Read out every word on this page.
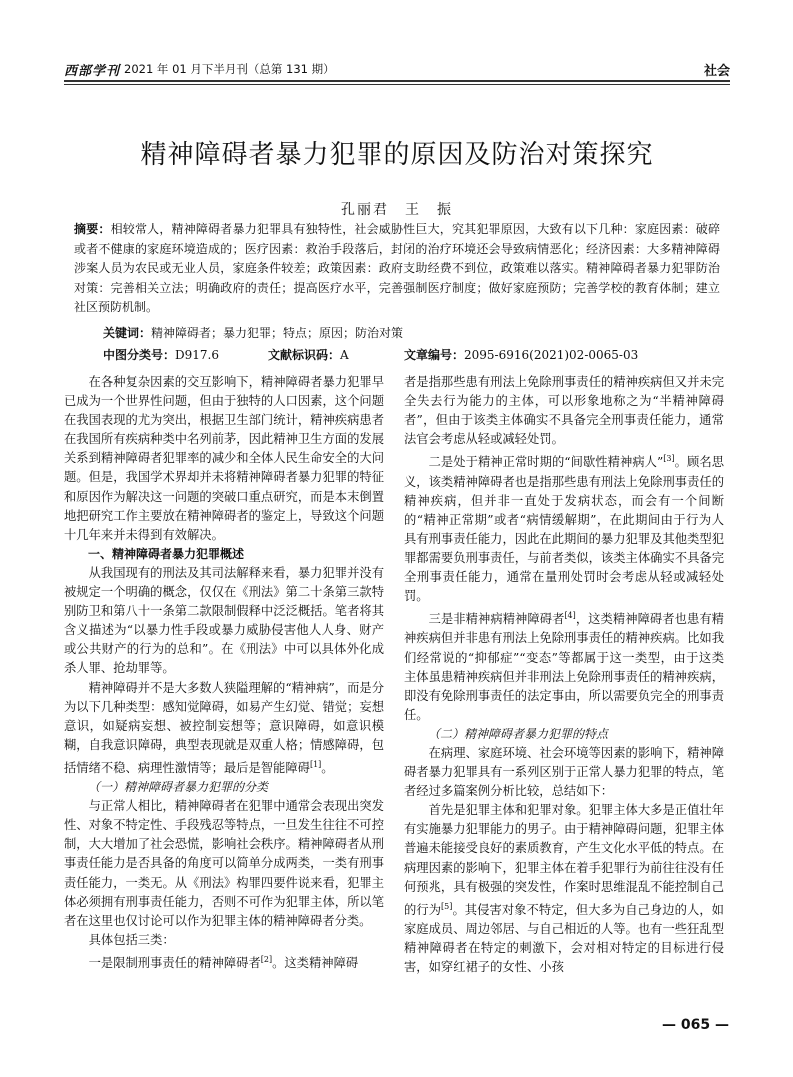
西部学刊 2021 年 01 月下半月刊（总第 131 期）	社会
精神障碍者暴力犯罪的原因及防治对策探究
孔丽君　王　振
摘要：相较常人，精神障碍者暴力犯罪具有独特性，社会威胁性巨大，究其犯罪原因，大致有以下几种：家庭因素：破碎或者不健康的家庭环境造成的；医疗因素：救治手段落后，封闭的治疗环境还会导致病情恶化；经济因素：大多精神障碍涉案人员为农民或无业人员，家庭条件较差；政策因素：政府支助经费不到位，政策难以落实。精神障碍者暴力犯罪防治对策：完善相关立法；明确政府的责任；提高医疗水平，完善强制医疗制度；做好家庭预防；完善学校的教育体制；建立社区预防机制。
关键词：精神障碍者；暴力犯罪；特点；原因；防治对策
中图分类号：D917.6	文献标识码：A	文章编号：2095-6916(2021)02-0065-03

在各种复杂因素的交互影响下，精神障碍者暴力犯罪早已成为一个世界性问题，但由于独特的人口因素，这个问题在我国表现的尤为突出，根据卫生部门统计，精神疾病患者在我国所有疾病种类中名列前茅，因此精神卫生方面的发展关系到精神障碍者犯罪率的减少和全体人民生命安全的大问题。但是，我国学术界却并未将精神障碍者暴力犯罪的特征和原因作为解决这一问题的突破口重点研究，而是本末倒置地把研究工作主要放在精神障碍者的鉴定上，导致这个问题十几年来并未得到有效解决。

一、精神障碍者暴力犯罪概述

从我国现有的刑法及其司法解释来看，暴力犯罪并没有被规定一个明确的概念，仅仅在《刑法》第二十条第三款特别防卫和第八十一条第二款限制假释中泛泛概括。笔者将其含义描述为“以暴力性手段或暴力威胁侵害他人人身、财产或公共财产的行为的总和”。在《刑法》中可以具体外化成杀人罪、抢劫罪等。

精神障碍并不是大多数人狭隘理解的“精神病”，而是分为以下几种类型：感知觉障碍，如易产生幻觉、错觉；妄想意识，如疑病妄想、被控制妄想等；意识障碍，如意识模糊，自我意识障碍，典型表现就是双重人格；情感障碍，包括情绪不稳、病理性激情等；最后是智能障碍[1]。

（一）精神障碍者暴力犯罪的分类

与正常人相比，精神障碍者在犯罪中通常会表现出突发性、对象不特定性、手段残忍等特点，一旦发生往往不可控制，大大增加了社会恐慌，影响社会秩序。精神障碍者从刑事责任能力是否具备的角度可以简单分成两类，一类有刑事责任能力，一类无。从《刑法》构罪四要件说来看，犯罪主体必须拥有刑事责任能力，否则不可作为犯罪主体，所以笔者在这里也仅讨论可以作为犯罪主体的精神障碍者分类。

具体包括三类：

一是限制刑事责任的精神障碍者[2]。这类精神障碍

者是指那些患有刑法上免除刑事责任的精神疾病但又并未完全失去行为能力的主体，可以形象地称之为“半精神障碍者”，但由于该类主体确实不具备完全刑事责任能力，通常法官会考虑从轻或减轻处罚。

二是处于精神正常时期的“间歇性精神病人”[3]。顾名思义，该类精神障碍者也是指那些患有刑法上免除刑事责任的精神疾病，但并非一直处于发病状态，而会有一个间断的“精神正常期”或者“病情缓解期”，在此期间由于行为人具有刑事责任能力，因此在此期间的暴力犯罪及其他类型犯罪都需要负刑事责任，与前者类似，该类主体确实不具备完全刑事责任能力，通常在量刑处罚时会考虑从轻或减轻处罚。

三是非精神病精神障碍者[4]，这类精神障碍者也患有精神疾病但并非患有刑法上免除刑事责任的精神疾病。比如我们经常说的“抑郁症”“变态”等都属于这一类型，由于这类主体虽患精神疾病但并非刑法上免除刑事责任的精神疾病，即没有免除刑事责任的法定事由，所以需要负完全的刑事责任。

（二）精神障碍者暴力犯罪的特点

在病理、家庭环境、社会环境等因素的影响下，精神障碍者暴力犯罪具有一系列区别于正常人暴力犯罪的特点，笔者经过多篇案例分析比较，总结如下：

首先是犯罪主体和犯罪对象。犯罪主体大多是正值壮年有实施暴力犯罪能力的男子。由于精神障碍问题，犯罪主体普遍未能接受良好的素质教育，产生文化水平低的特点。在病理因素的影响下，犯罪主体在着手犯罪行为前往往没有任何预兆，具有极强的突发性，作案时思维混乱不能控制自己的行为[5]。其侵害对象不特定，但大多为自己身边的人，如家庭成员、周边邻居、与自己相近的人等。也有一些狂乱型精神障碍者在特定的刺激下，会对相对特定的目标进行侵害，如穿红裙子的女性、小孩

— 065 —
